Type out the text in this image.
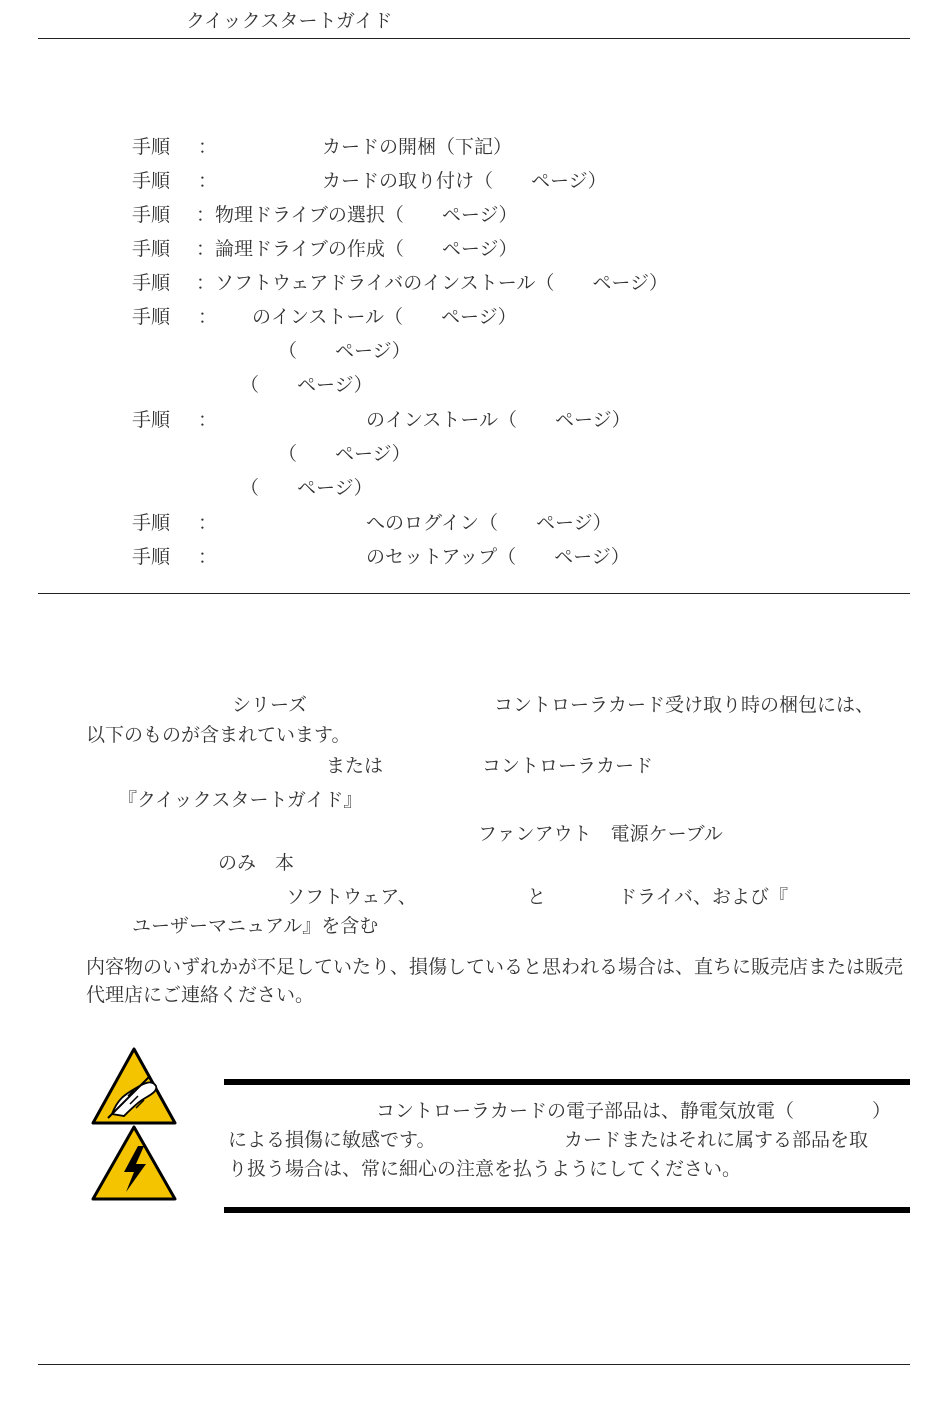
クイックスタートガイド
手順 ：	カードの開梱（下記）
手順 ：	カードの取り付け（　　ページ）
手順 ：物理ドライブの選択（　　ページ）
手順 ：論理ドライブの作成（　　ページ）
手順 ：ソフトウェアドライバのインストール（　　ページ）
手順 ： のインストール（　　ページ）
（　　ページ）
（　　ページ）
手順 ：	のインストール（　　ページ）
（　　ページ）
（　　ページ）
手順 ：	へのログイン（　　ページ）
手順 ：	のセットアップ（　　ページ）
シリーズ	コントローラカード受け取り時の梱包には、
以下のものが含まれています。
または	コントローラカード
『クイックスタートガイド』
ファンアウト　電源ケーブル
のみ　本
ソフトウェア、	と	ドライバ、および『
ユーザーマニュアル』を含む
内容物のいずれかが不足していたり、損傷していると思われる場合は、直ちに販売店または販売代理店にご連絡ください。
コントローラカードの電子部品は、静電気放電（	）
による損傷に敏感です。	カードまたはそれに属する部品を取
り扱う場合は、常に細心の注意を払うようにしてください。
